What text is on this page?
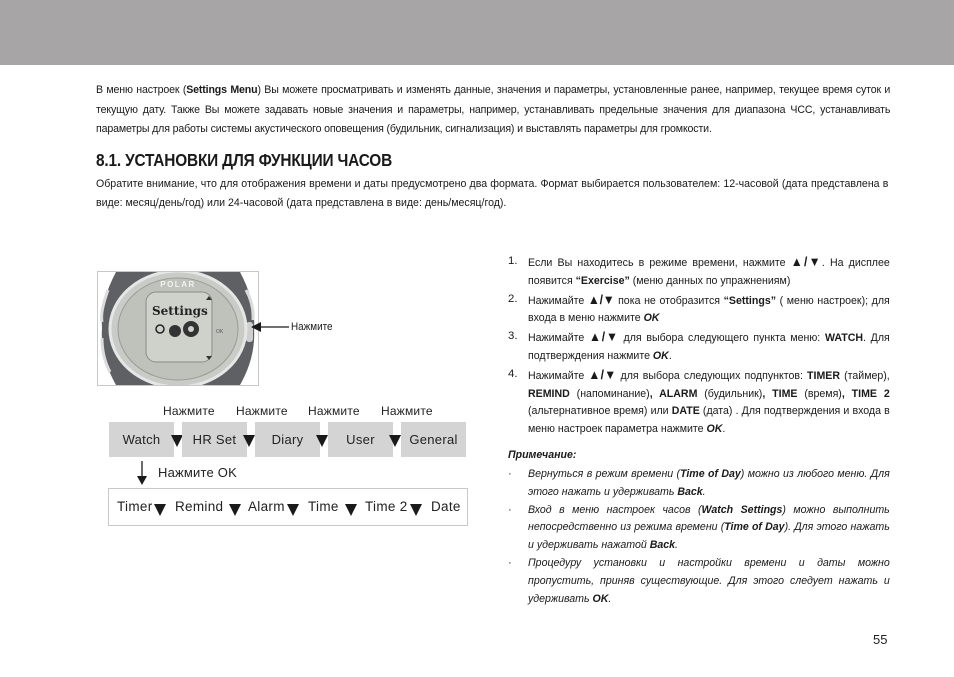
В меню настроек (Settings Menu) Вы можете просматривать и изменять данные, значения и параметры, установленные ранее, например, текущее время суток и текущую дату. Также Вы можете задавать новые значения и параметры, например, устанавливать предельные значения для диапазона ЧСС, устанавливать параметры для работы системы акустического оповещения (будильник, сигнализация) и выставлять параметры для громкости.
8.1. УСТАНОВКИ ДЛЯ ФУНКЦИИ ЧАСОВ
Обратите внимание, что для отображения времени и даты предусмотрено два формата. Формат выбирается пользователем: 12-часовой (дата представлена в виде: месяц/день/год) или 24-часовой (дата представлена в виде: день/месяц/год).
POLAR
Settings
OK	Нажмите
Нажмите Нажмите Нажмите Нажмите
Watch	HR Set	Diary	User	General
Нажмите OK
Timer Remind Alarm Time Time 2 Date
1. Если Вы находитесь в режиме времени, нажмите ▲/▼. На дисплее появится “Exercise” (меню данных по упражнениям)
2. Нажимайте ▲/▼ пока не отобразится “Settings” ( меню настроек); для входа в меню нажмите OK
3. Нажимайте ▲/▼ для выбора следующего пункта меню: WATCH. Для подтверждения нажмите OK.
4. Нажимайте ▲/▼ для выбора следующих подпунктов: TIMER (таймер), REMIND (напоминание), ALARM (будильник), TIME (время), TIME 2 (альтернативное время) или DATE (дата) . Для подтверждения и входа в меню настроек параметра нажмите OK.
Примечание:
· Вернуться в режим времени (Time of Day) можно из любого меню. Для этого нажать и удерживать Back.
· Вход в меню настроек часов (Watch Settings) можно выполнить непосредственно из режима времени (Time of Day). Для этого нажать и удерживать нажатой Back.
· Процедуру установки и настройки времени и даты можно пропустить, приняв существующие. Для этого следует нажать и удерживать OK.
55
